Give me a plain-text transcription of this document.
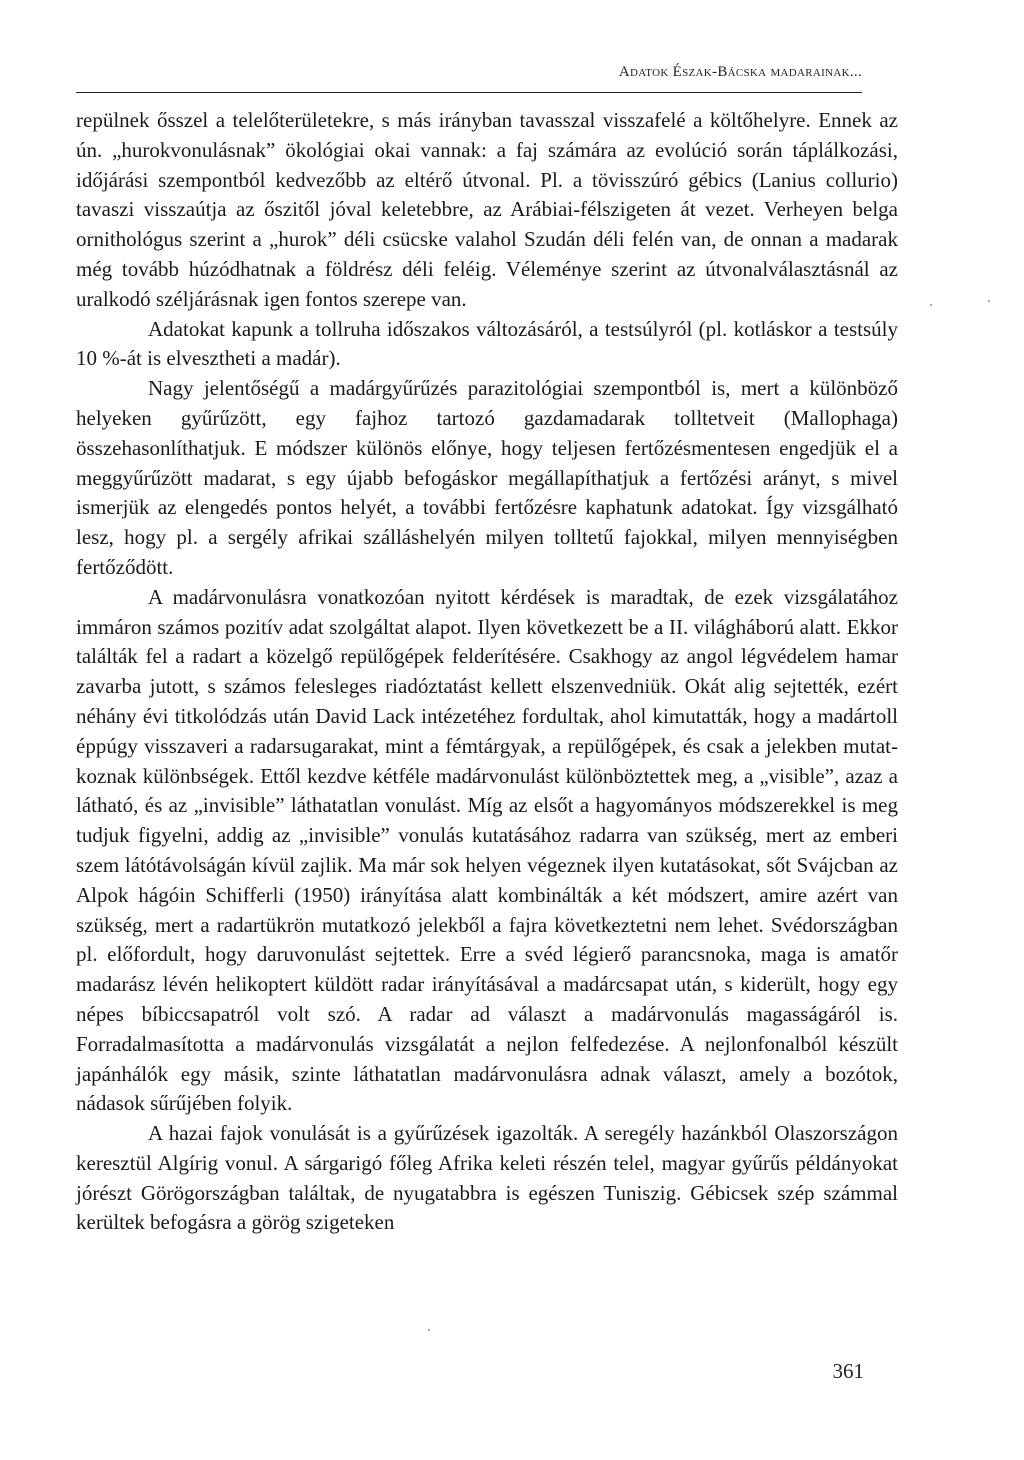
Adatok Észak-Bácska madarainak...

repülnek ősszel a telelőterületekre, s más irányban tavasszal visszafelé a költőhelyre. Ennek az ún. „hurokvonulásnak” ökológiai okai vannak: a faj számára az evolúció során táplálkozási, időjárási szempontból kedvezőbb az eltérő útvonal. Pl. a tövisszúró gébics (Lanius collurio) tavaszi visszaútja az őszitől jóval keletebbre, az Arábiai-félszigeten át vezet. Verheyen belga ornithológus szerint a „hurok” déli csücske valahol Szudán déli felén van, de onnan a madarak még tovább húzódhatnak a földrész déli feléig. Véleménye szerint az útvonalválasztásnál az uralkodó széljárásnak igen fontos szerepe van.

Adatokat kapunk a tollruha időszakos változásáról, a testsúlyról (pl. kotláskor a testsúly 10 %-át is elvesztheti a madár).

Nagy jelentőségű a madárgyűrűzés parazitológiai szempontból is, mert a különböző helyeken gyűrűzött, egy fajhoz tartozó gazdamadarak tolltetveit (Mallophaga) összehasonlíthatjuk. E módszer különös előnye, hogy teljesen fertőzésmentesen engedjük el a meggyűrűzött madarat, s egy újabb befogáskor megállapíthatjuk a fertőzési arányt, s mivel ismerjük az elengedés pontos helyét, a további fertőzésre kaphatunk adatokat. Így vizsgálható lesz, hogy pl. a sergély afrikai szálláshelyén milyen tolltetű fajokkal, milyen mennyiségben fertőződött.

A madárvonulásra vonatkozóan nyitott kérdések is maradtak, de ezek vizsgálatához immáron számos pozitív adat szolgáltat alapot. Ilyen következett be a II. világháború alatt. Ekkor találták fel a radart a közelgő repülőgépek felderítésére. Csakhogy az angol légvédelem hamar zavarba jutott, s számos felesleges riadóztatást kellett elszenvedniük. Okát alig sejtették, ezért néhány évi titkolódzás után David Lack intézetéhez fordultak, ahol kimutatták, hogy a madártoll éppúgy visszaveri a radarsugarakat, mint a fémtárgyak, a repülőgépek, és csak a jelekben mutatkoznak különbségek. Ettől kezdve kétféle madárvonulást különböztettek meg, a „visible”, azaz a látható, és az „invisible” láthatatlan vonulást. Míg az elsőt a hagyományos módszerekkel is meg tudjuk figyelni, addig az „invisible” vonulás kutatásához radarra van szükség, mert az emberi szem látótávolságán kívül zajlik. Ma már sok helyen végeznek ilyen kutatásokat, sőt Svájcban az Alpok hágóin Schifferli (1950) irányítása alatt kombinálták a két módszert, amire azért van szükség, mert a radartükrön mutatkozó jelekből a fajra következtetni nem lehet. Svédországban pl. előfordult, hogy daruvonulást sejtettek. Erre a svéd légierő parancsnoka, maga is amatőr madarász lévén helikoptert küldött radar irányításával a madárcsapat után, s kiderült, hogy egy népes bíbiccsapatról volt szó. A radar ad választ a madárvonulás magasságáról is. Forradalmasította a madárvonulás vizsgálatát a nejlon felfedezése. A nejlonfonalból készült japánhálók egy másik, szinte láthatatlan madárvonulásra adnak választ, amely a bozótok, nádasok sűrűjében folyik.

A hazai fajok vonulását is a gyűrűzések igazolták. A seregély hazánkból Olaszországon keresztül Algírig vonul. A sárgarigó főleg Afrika keleti részén telel, magyar gyűrűs példányokat jórészt Görögországban találtak, de nyugatabbra is egészen Tuniszig. Gébicsek szép számmal kerültek befogásra a görög szigeteken

361
